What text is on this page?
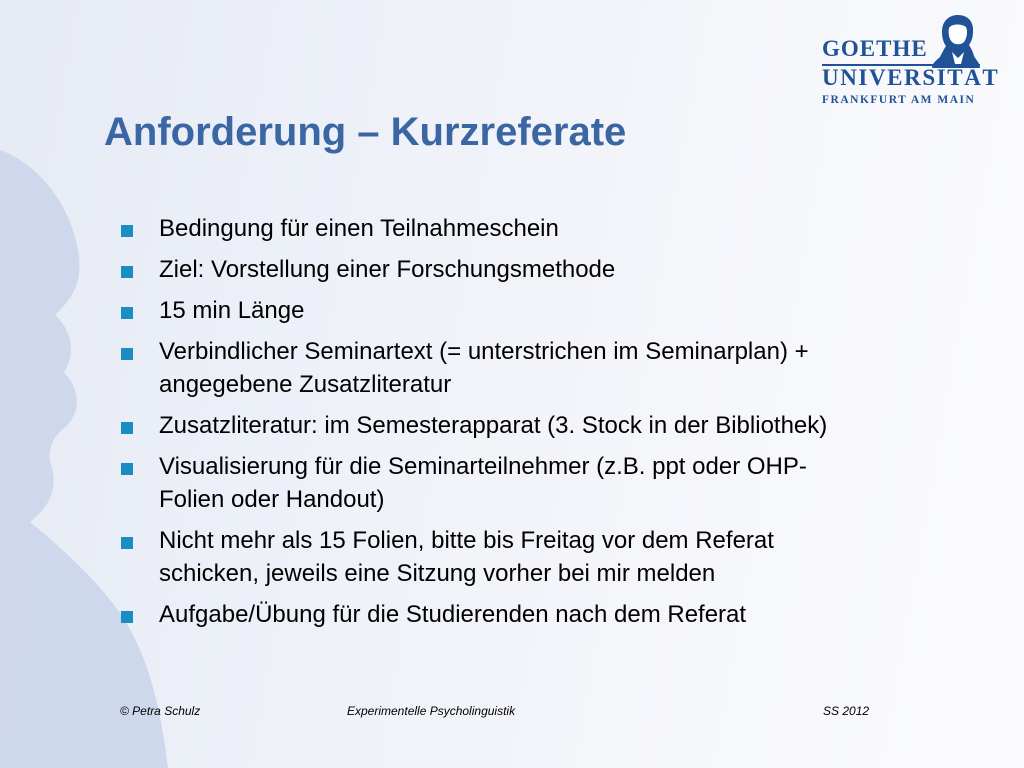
GOETHE

UNIVERSITÄT

FRANKFURT AM MAIN

Anforderung – Kurzreferate
Bedingung für einen Teilnahmeschein
Ziel: Vorstellung einer Forschungsmethode
15 min Länge
Verbindlicher Seminartext (= unterstrichen im Seminarplan) +
angegebene Zusatzliteratur
Zusatzliteratur: im Semesterapparat (3. Stock in der Bibliothek)
Visualisierung für die Seminarteilnehmer (z.B. ppt oder OHP-
Folien oder Handout)
Nicht mehr als 15 Folien, bitte bis Freitag vor dem Referat
schicken, jeweils eine Sitzung vorher bei mir melden
Aufgabe/Übung für die Studierenden nach dem Referat

© Petra Schulz	Experimentelle Psycholinguistik	SS 2012
